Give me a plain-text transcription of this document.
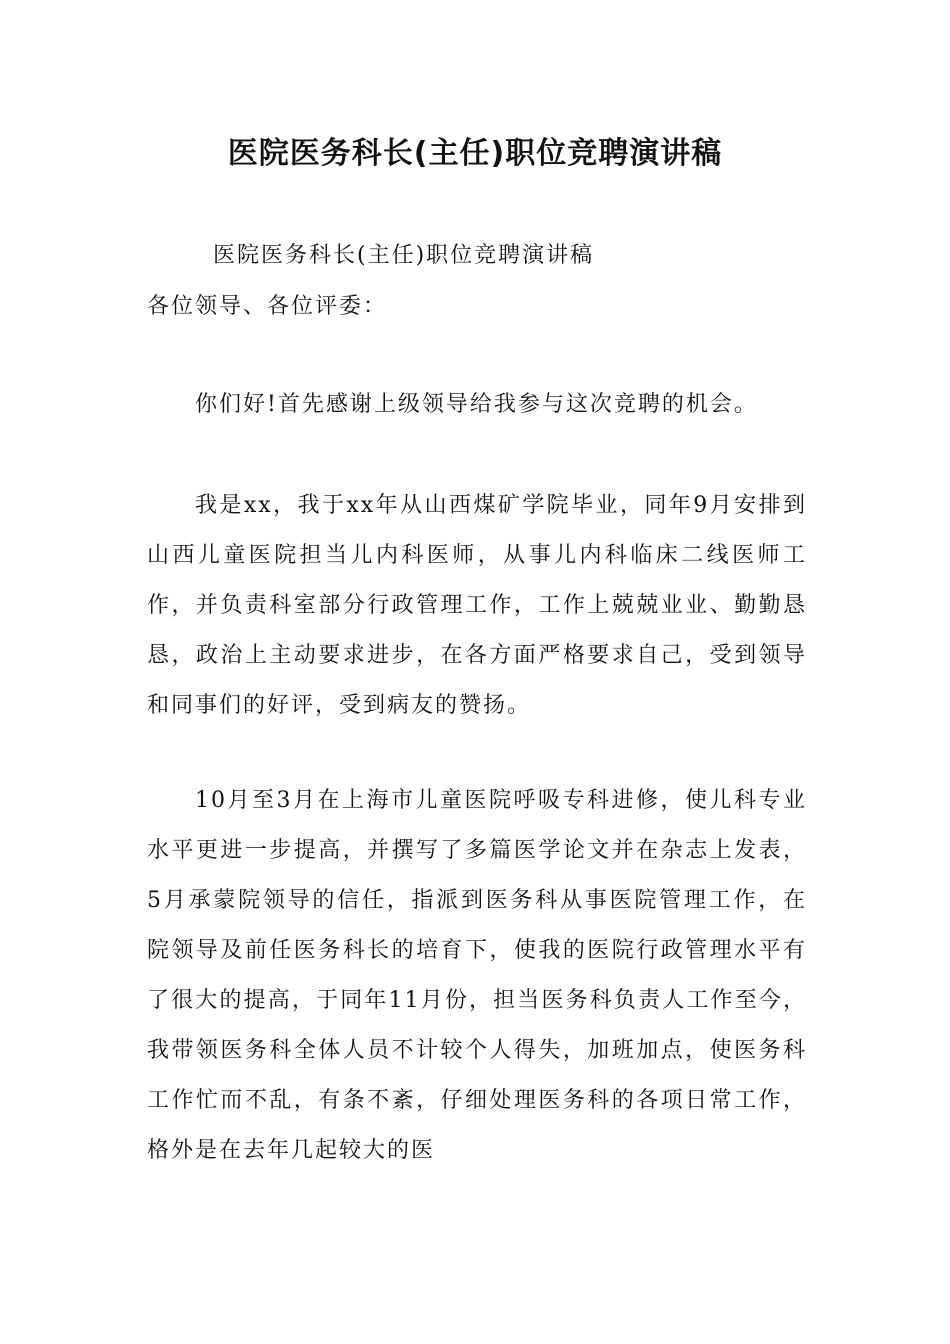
医院医务科长(主任)职位竞聘演讲稿

医院医务科长(主任)职位竞聘演讲稿

各位领导、各位评委：

你们好!首先感谢上级领导给我参与这次竞聘的机会。

我是xx，我于xx年从山西煤矿学院毕业，同年9月安排到山西儿童医院担当儿内科医师，从事儿内科临床二线医师工作，并负责科室部分行政管理工作，工作上兢兢业业、勤勤恳恳，政治上主动要求进步，在各方面严格要求自己，受到领导和同事们的好评，受到病友的赞扬。

10月至3月在上海市儿童医院呼吸专科进修，使儿科专业水平更进一步提高，并撰写了多篇医学论文并在杂志上发表，5月承蒙院领导的信任，指派到医务科从事医院管理工作，在院领导及前任医务科长的培育下，使我的医院行政管理水平有了很大的提高，于同年11月份，担当医务科负责人工作至今，我带领医务科全体人员不计较个人得失，加班加点，使医务科工作忙而不乱，有条不紊，仔细处理医务科的各项日常工作，格外是在去年几起较大的医
